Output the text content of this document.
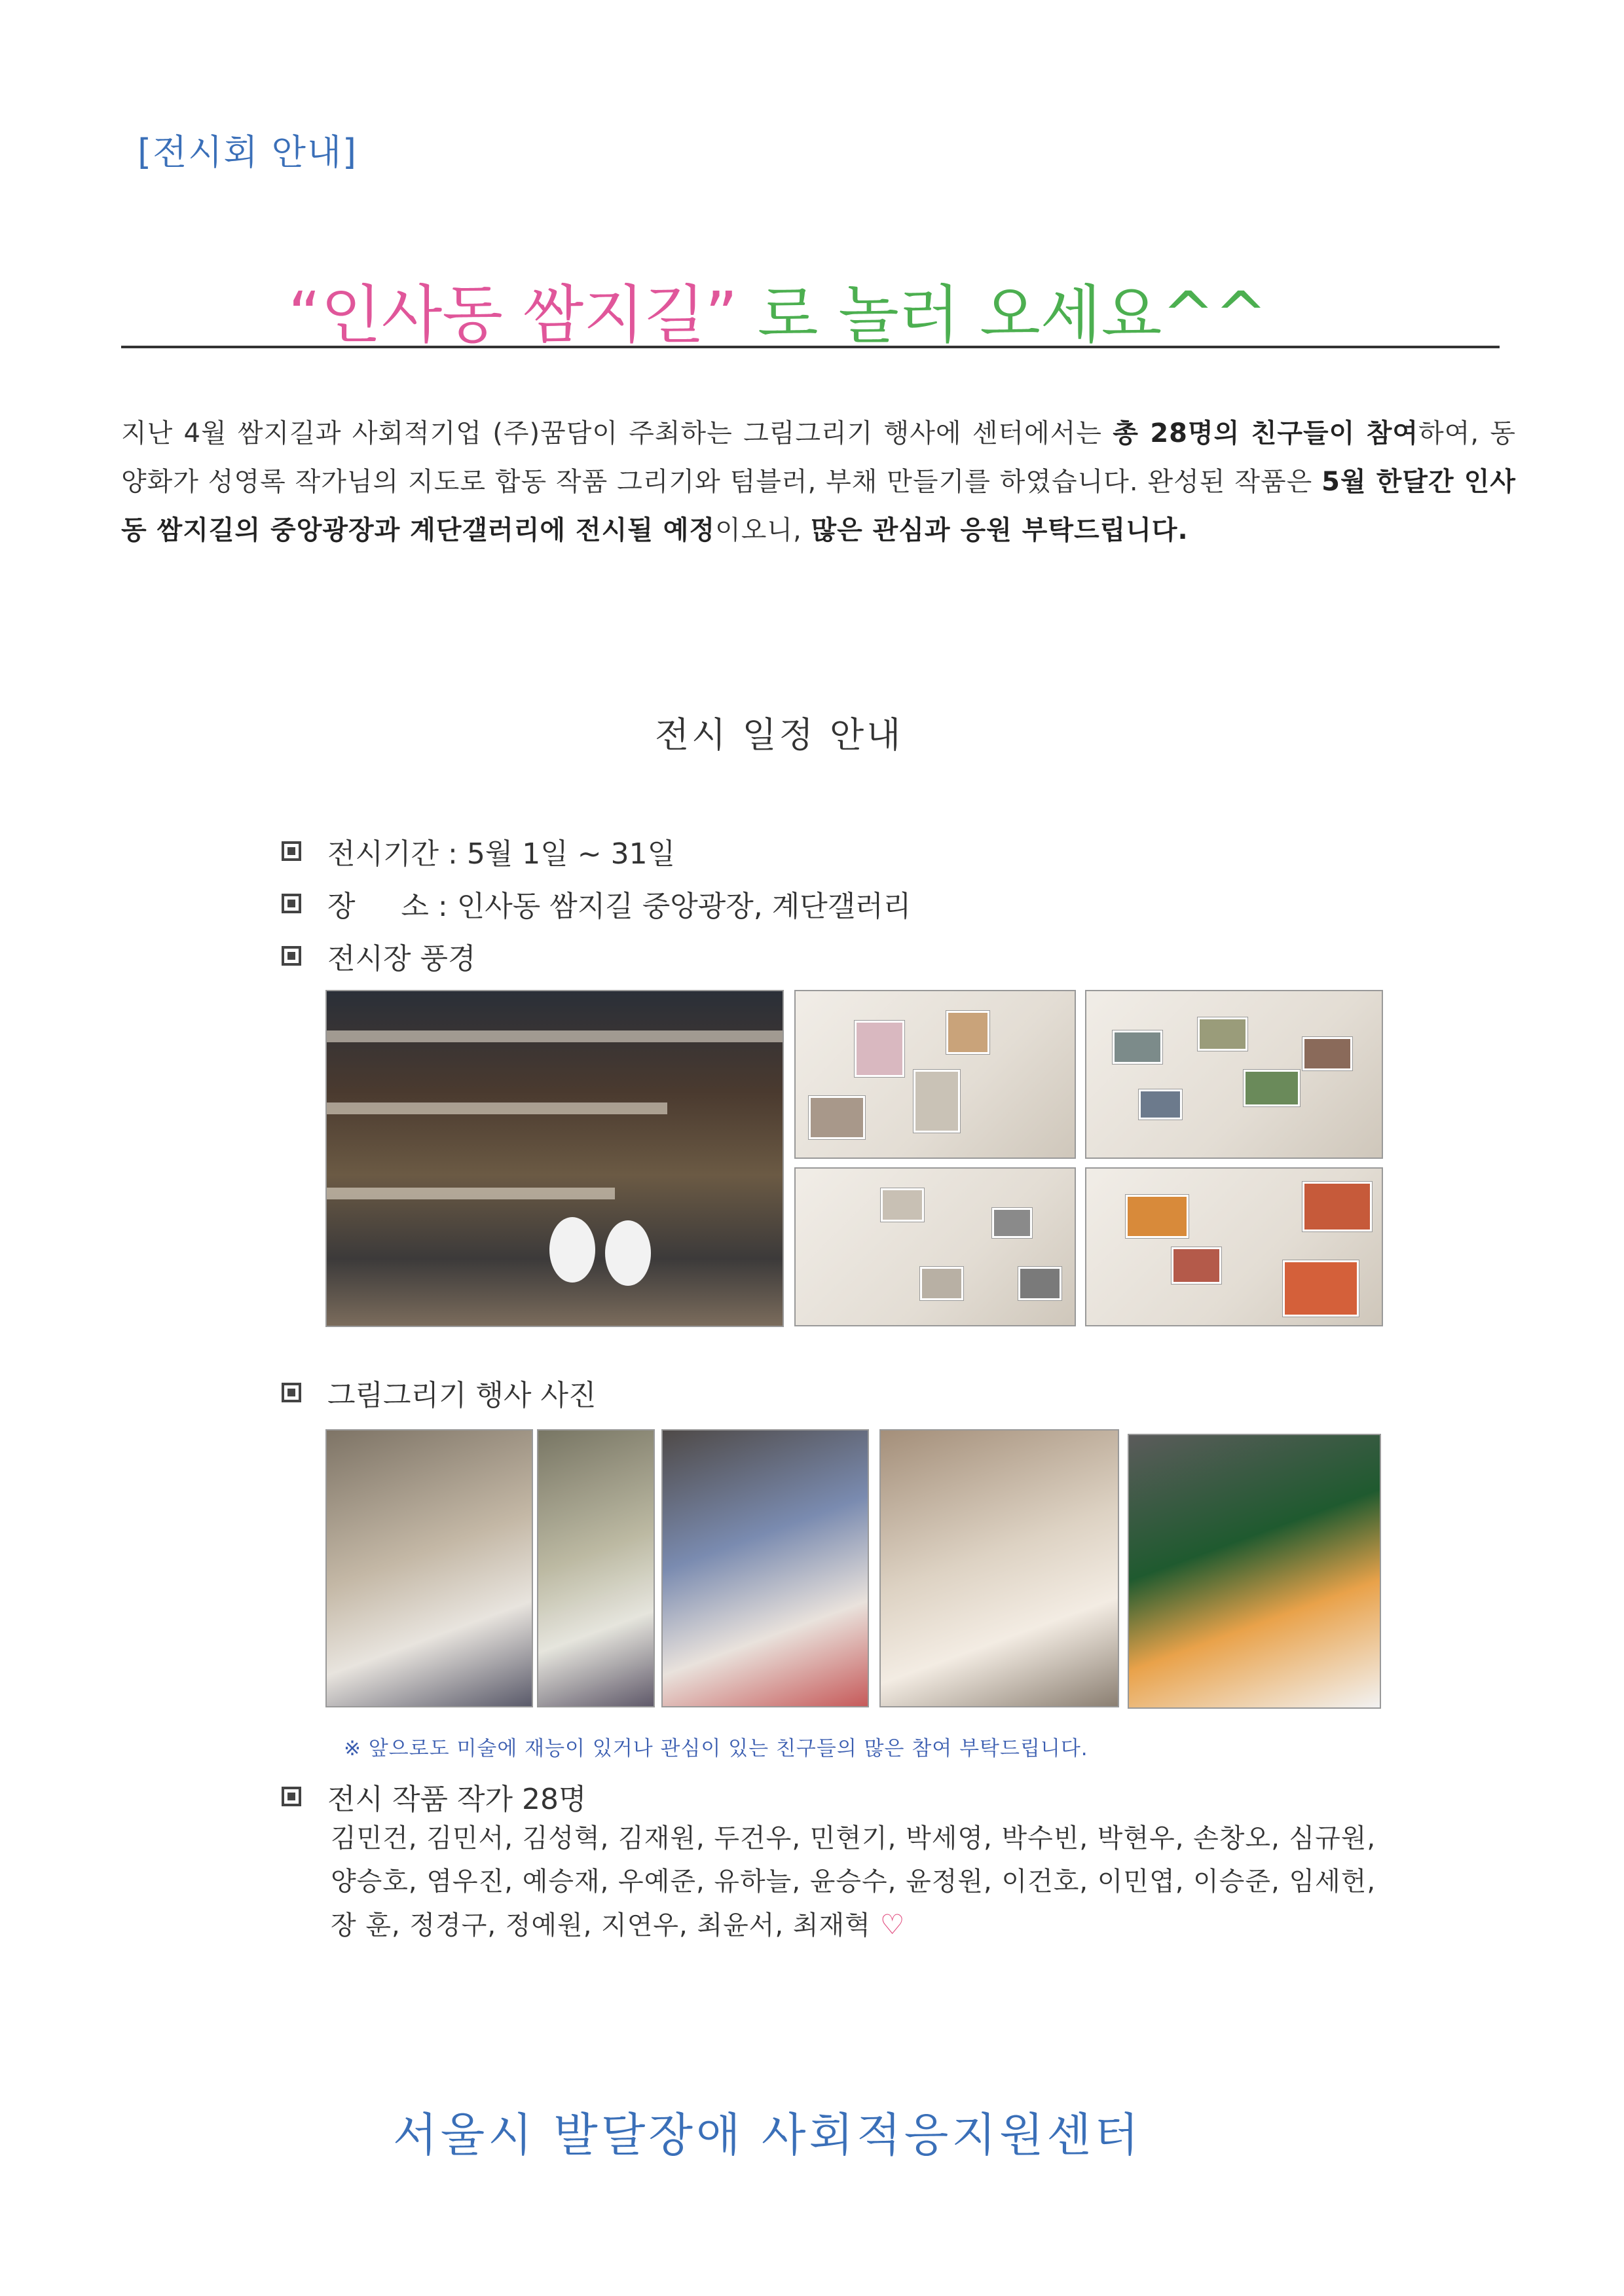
[전시회 안내]
“인사동 쌈지길” 로 놀러 오세요^^
지난 4월 쌈지길과 사회적기업 (주)꿈담이 주최하는 그림그리기 행사에 센터에서는 총 28명의 친구들이 참여하여, 동양화가 성영록 작가님의 지도로 합동 작품 그리기와 텀블러, 부채 만들기를 하였습니다. 완성된 작품은 5월 한달간 인사동 쌈지길의 중앙광장과 계단갤러리에 전시될 예정이오니, 많은 관심과 응원 부탁드립니다.
전시 일정 안내
전시기간 : 5월 1일 ~ 31일
장     소 : 인사동 쌈지길 중앙광장, 계단갤러리
전시장 풍경
그림그리기 행사 사진
※ 앞으로도 미술에 재능이 있거나 관심이 있는 친구들의 많은 참여 부탁드립니다.
전시 작품 작가 28명
김민건, 김민서, 김성혁, 김재원, 두건우, 민현기, 박세영, 박수빈, 박현우, 손창오, 심규원,
양승호, 염우진, 예승재, 우예준, 유하늘, 윤승수, 윤정원, 이건호, 이민엽, 이승준, 임세헌,
장 훈, 정경구, 정예원, 지연우, 최윤서, 최재혁 ♡
서울시 발달장애 사회적응지원센터
